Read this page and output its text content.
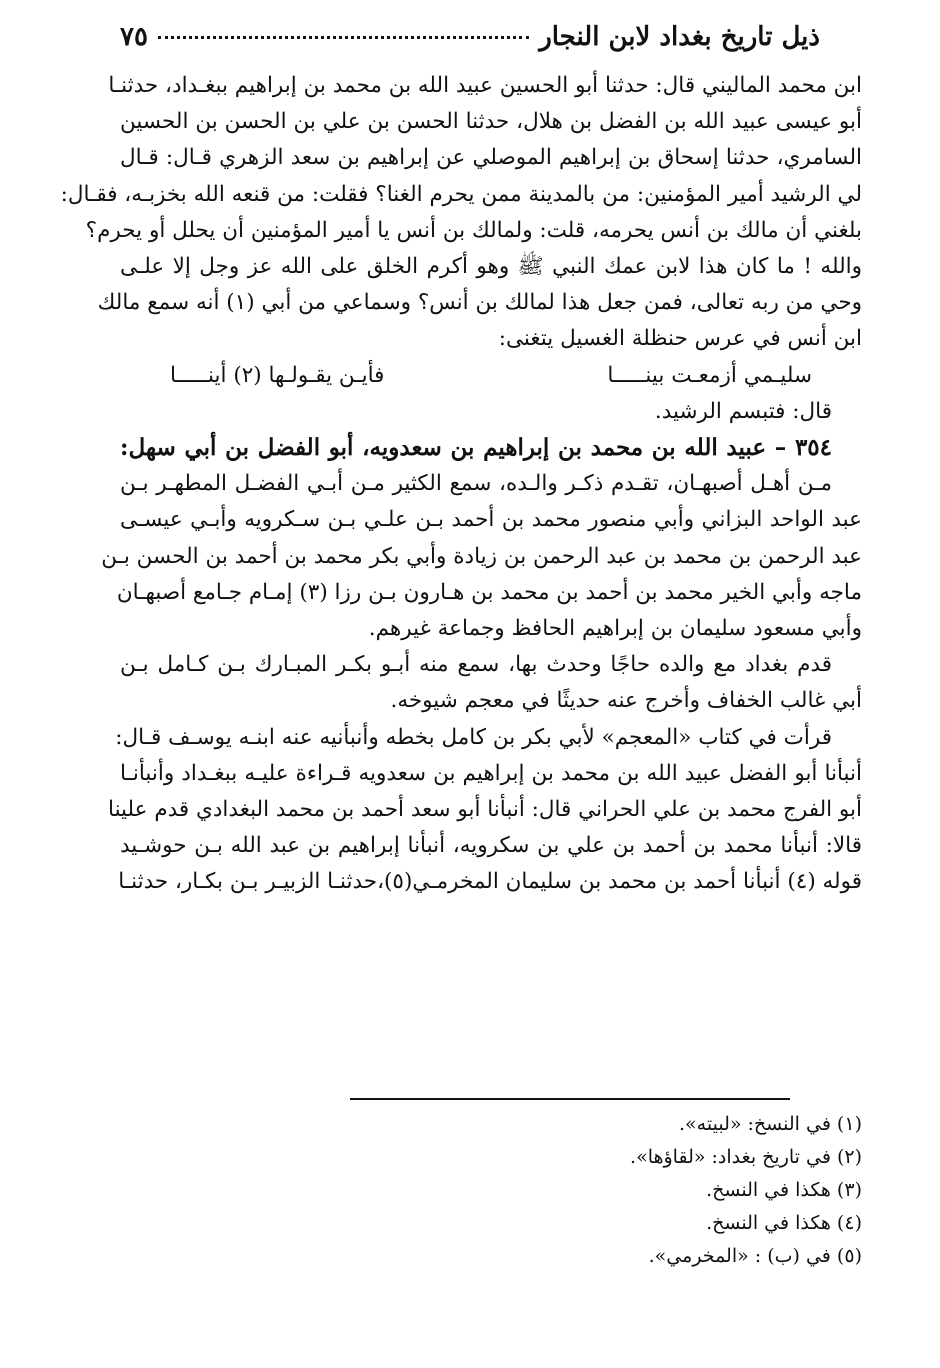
ذيل تاريخ بغداد لابن النجار
٧٥
ابن محمد الماليني قال: حدثنا أبو الحسين عبيد الله بن محمد بن إبراهيم ببغـداد، حدثنـا
أبو عيسى عبيد الله بن الفضل بن هلال، حدثنا الحسن بن علي بن الحسن بن الحسين
السامري، حدثنا إسحاق بن إبراهيم الموصلي عن إبراهيم بن سعد الزهري قـال: قـال
لي الرشيد أمير المؤمنين: من بالمدينة ممن يحرم الغنا؟ فقلت: من قنعه الله بخزبـه، فقـال:
بلغني أن مالك بن أنس يحرمه، قلت: ولمالك بن أنس يا أمير المؤمنين أن يحلل أو يحرم؟
والله ! ما كان هذا لابن عمك النبي ﷺ وهو أكرم الخلق على الله عز وجل إلا علـى
وحي من ربه تعالى، فمن جعل هذا لمالك بن أنس؟ وسماعي من أبي (١) أنه سمع مالك
ابن أنس في عرس حنظلة الغسيل يتغنى:
سليـمي أزمعـت بينـــــا
فأيـن يقـولـها (٢) أينـــــا
قال: فتبسم الرشيد.
٣٥٤ – عبيد الله بن محمد بن إبراهيم بن سعدويه، أبو الفضل بن أبي سهل:
مـن أهـل أصبهـان، تقـدم ذكـر والـده، سمع الكثير مـن أبـي الفضـل المطهـر بـن
عبد الواحد البزاني وأبي منصور محمد بن أحمد بـن علـي بـن سـكرويه وأبـي عيسـى
عبد الرحمن بن محمد بن عبد الرحمن بن زيادة وأبي بكر محمد بن أحمد بن الحسن بـن
ماجه وأبي الخير محمد بن أحمد بن محمد بن هـارون بـن رزا (٣) إمـام جـامع أصبهـان
وأبي مسعود سليمان بن إبراهيم الحافظ وجماعة غيرهم.
قدم بغداد مع والده حاجًا وحدث بها، سمع منه أبـو بكـر المبـارك بـن كـامل بـن
أبي غالب الخفاف وأخرج عنه حديثًا في معجم شيوخه.
قرأت في كتاب «المعجم» لأبي بكر بن كامل بخطه وأنبأنيه عنه ابنـه يوسـف قـال:
أنبأنا أبو الفضل عبيد الله بن محمد بن إبراهيم بن سعدويه قـراءة عليـه ببغـداد وأنبأنـا
أبو الفرج محمد بن علي الحراني قال: أنبأنا أبو سعد أحمد بن محمد البغدادي قدم علينا
قالا: أنبأنا محمد بن أحمد بن علي بن سكرويه، أنبأنا إبراهيم بن عبد الله بـن حوشـيد
قوله (٤) أنبأنا أحمد بن محمد بن سليمان المخرمـي(٥)،حدثنـا الزبيـر بـن بكـار، حدثنـا
(١) في النسخ: «لبيته».
(٢) في تاريخ بغداد: «لقاؤها».
(٣) هكذا في النسخ.
(٤) هكذا في النسخ.
(٥) في (ب) : «المخرمي».
